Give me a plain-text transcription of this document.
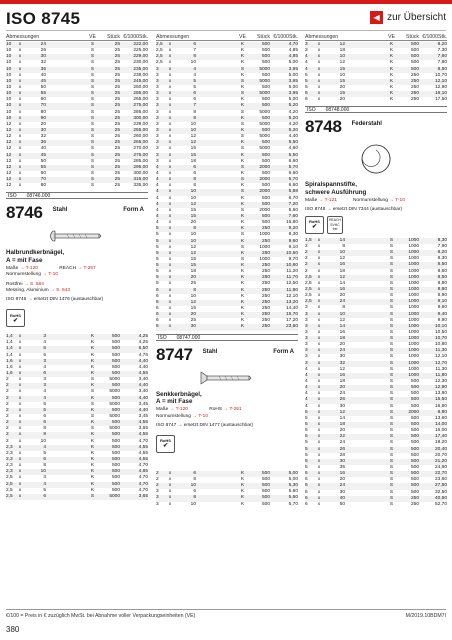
ISO 8745	◀ zur Übersicht
Abmessungen	VE	Stück €/1000Stk.
10	x	24	S	25	222,00
10	x	26	S	25	225,00
10	x	30	S	25	229,00
10	x	32	S	25	230,00
10	x	36	S	25	235,00
10	x	40	S	25	239,00
10	x	45	S	25	245,00
10	x	50	S	25	250,00
10	x	55	S	25	255,00
10	x	60	S	25	265,00
10	x	70	S	25	275,00
10	x	80	S	25	285,00
10	x	90	S	25	300,00
12	x	20	S	25	239,00
12	x	30	S	25	255,00
12	x	32	S	25	260,00
12	x	36	S	25	265,00
12	x	40	S	25	270,00
12	x	45	S	25	275,00
12	x	50	S	25	285,00
12	x	55	S	25	295,00
12	x	60	S	25	300,00
12	x	70	S	25	315,00
12	x	80	S	25	335,00
ISO 08746.000
8746 Stahl	Form A
Halbrundkerbnägel,
A = mit Fase
Maße → T-120	REACH → T-257
Normumstellung → T-10
Rostfrei → S. 584
Messing, Aluminium → S. 643
ISO 8746 → ersetzt DIN 1476 (austauschbar)
RoHS
✔
1,4	x	3	K	500	4,25
1,4	x	4	K	500	4,25
1,4	x	5	K	500	6,50
1,4	x	6	K	500	4,75
1,6	x	3	K	500	4,40
1,6	x	4	K	500	4,40
1,6	x	6	K	500	4,55
2	x	3	S	5000	3,40
2	x	3	K	500	4,40
2	x	4	S	5000	3,40
2	x	4	K	500	4,40
2	x	5	S	5000	3,45
2	x	5	K	500	4,40
2	x	6	S	5000	3,45
2	x	6	K	500	4,55
2	x	8	S	5000	3,65
2	x	8	K	500	4,55
2	x	10	K	500	4,70
2,3	x	4	K	500	4,55
2,3	x	5	K	500	4,55
2,3	x	6	K	500	4,55
2,3	x	8	K	500	4,70
2,3	x	10	K	500	4,85
2,5	x	3	K	500	4,70
2,5	x	4	K	500	4,70
2,5	x	5	K	500	4,70
2,5	x	6	S	5000	3,65
Abmessungen	VE	Stück €/1000Stk.
2,5	x	6	K	500	4,70
2,5	x	7	K	500	4,85
2,5	x	8	K	500	4,85
2,5	x	10	K	500	5,00
3	x	4	S	5000	3,95
3	x	4	K	500	5,00
3	x	5	S	5000	3,95
3	x	5	K	500	5,00
3	x	6	S	5000	3,95
3	x	6	K	500	5,00
3	x	7	K	500	5,20
3	x	8	S	5000	4,20
3	x	8	K	500	5,20
3	x	10	S	5000	4,20
3	x	10	K	500	5,20
3	x	12	S	5000	4,40
3	x	12	K	500	5,50
3	x	15	S	5000	4,60
3	x	15	K	500	5,50
3	x	18	K	500	6,60
4	x	6	S	2000	5,70
4	x	6	K	500	6,60
4	x	8	S	2000	5,70
4	x	8	K	500	6,60
4	x	10	S	2000	5,88
4	x	10	K	500	6,70
4	x	12	K	500	7,20
4	x	15	S	2000	6,60
4	x	15	K	500	7,60
4	x	20	K	500	15,80
5	x	8	K	250	9,20
5	x	10	S	1000	8,30
5	x	10	K	250	9,60
5	x	12	S	1000	9,10
5	x	12	K	250	10,50
5	x	15	S	1000	9,70
5	x	15	K	250	10,80
5	x	18	K	250	11,20
5	x	20	K	250	11,70
5	x	25	K	250	12,50
6	x	8	K	250	11,80
6	x	10	K	250	12,10
6	x	12	K	250	13,20
6	x	15	K	250	14,40
6	x	20	K	250	15,70
6	x	25	K	250	17,20
6	x	30	K	250	23,60
ISO 08747.000
8747 Stahl	Form A
Senkkerbnägel,
A = mit Fase
Maße → T-120	RoHS → T-261
Normumstellung → T-10
ISO 8747 → ersetzt DIN 1477 (austauschbar)
RoHS
✔
2	x	6	K	500	5,00
2	x	8	K	500	5,00
2	x	10	K	500	5,30
3	x	6	K	500	5,60
3	x	8	K	500	5,60
3	x	10	K	500	5,70
Abmessungen	VE	Stück €/1000Stk.
3	x	12	K	500	8,20
3	x	18	K	500	7,30
4	x	10	K	500	7,60
4	x	12	K	500	7,80
4	x	15	K	500	8,50
5	x	10	K	250	10,70
5	x	15	K	250	12,10
5	x	20	K	250	12,90
6	x	15	K	250	16,10
6	x	20	K	250	17,50
ISO 08748.000
8748 Federstahl
Spiralspannstifte,
schwere Ausführung
Maße → T-121	Normumstellung → T-10
ISO 8748 → ersetzt DIN 7344 (austauschbar)
RoHS
✔
REACH SVHC frei
1,5	x	14	S	1000	8,30
2	x	8	S	1000	7,90
2	x	10	S	1000	8,20
2	x	12	S	1000	8,30
2	x	16	S	1000	8,50
2	x	18	S	1000	8,60
2,5	x	12	S	1000	8,50
2,5	x	14	S	1000	8,80
2,5	x	16	S	1000	8,80
2,5	x	20	S	1000	8,90
2,5	x	24	S	1000	9,10
3	x	8	S	1000	9,60
3	x	10	S	1000	9,40
3	x	12	S	1000	9,90
3	x	14	S	1000	10,10
3	x	16	S	1000	10,50
3	x	18	S	1000	10,70
3	x	20	S	1000	10,80
3	x	24	S	1000	11,30
3	x	30	S	1000	12,10
3	x	32	S	1000	12,70
4	x	12	S	1000	11,30
4	x	16	S	1000	11,80
4	x	18	S	500	12,30
4	x	20	S	500	12,90
4	x	24	S	500	13,80
4	x	26	S	500	15,50
4	x	30	S	500	16,80
5	x	12	S	2000	8,80
5	x	14	S	500	13,60
5	x	18	S	500	14,00
5	x	20	S	500	16,00
5	x	22	S	500	17,40
5	x	24	S	500	18,20
5	x	26	S	500	20,40
5	x	28	S	500	20,70
5	x	30	S	500	21,20
5	x	35	S	500	24,60
6	x	16	S	500	22,70
6	x	20	S	500	23,60
6	x	24	S	500	27,50
6	x	30	S	500	32,50
6	x	40	S	250	40,50
6	x	50	S	250	52,70
€/100 = Preis in € zuzüglich MwSt. bei Abnahme voller Verpackungseinheiten (VE)	M/2019.10BDM7I
380
